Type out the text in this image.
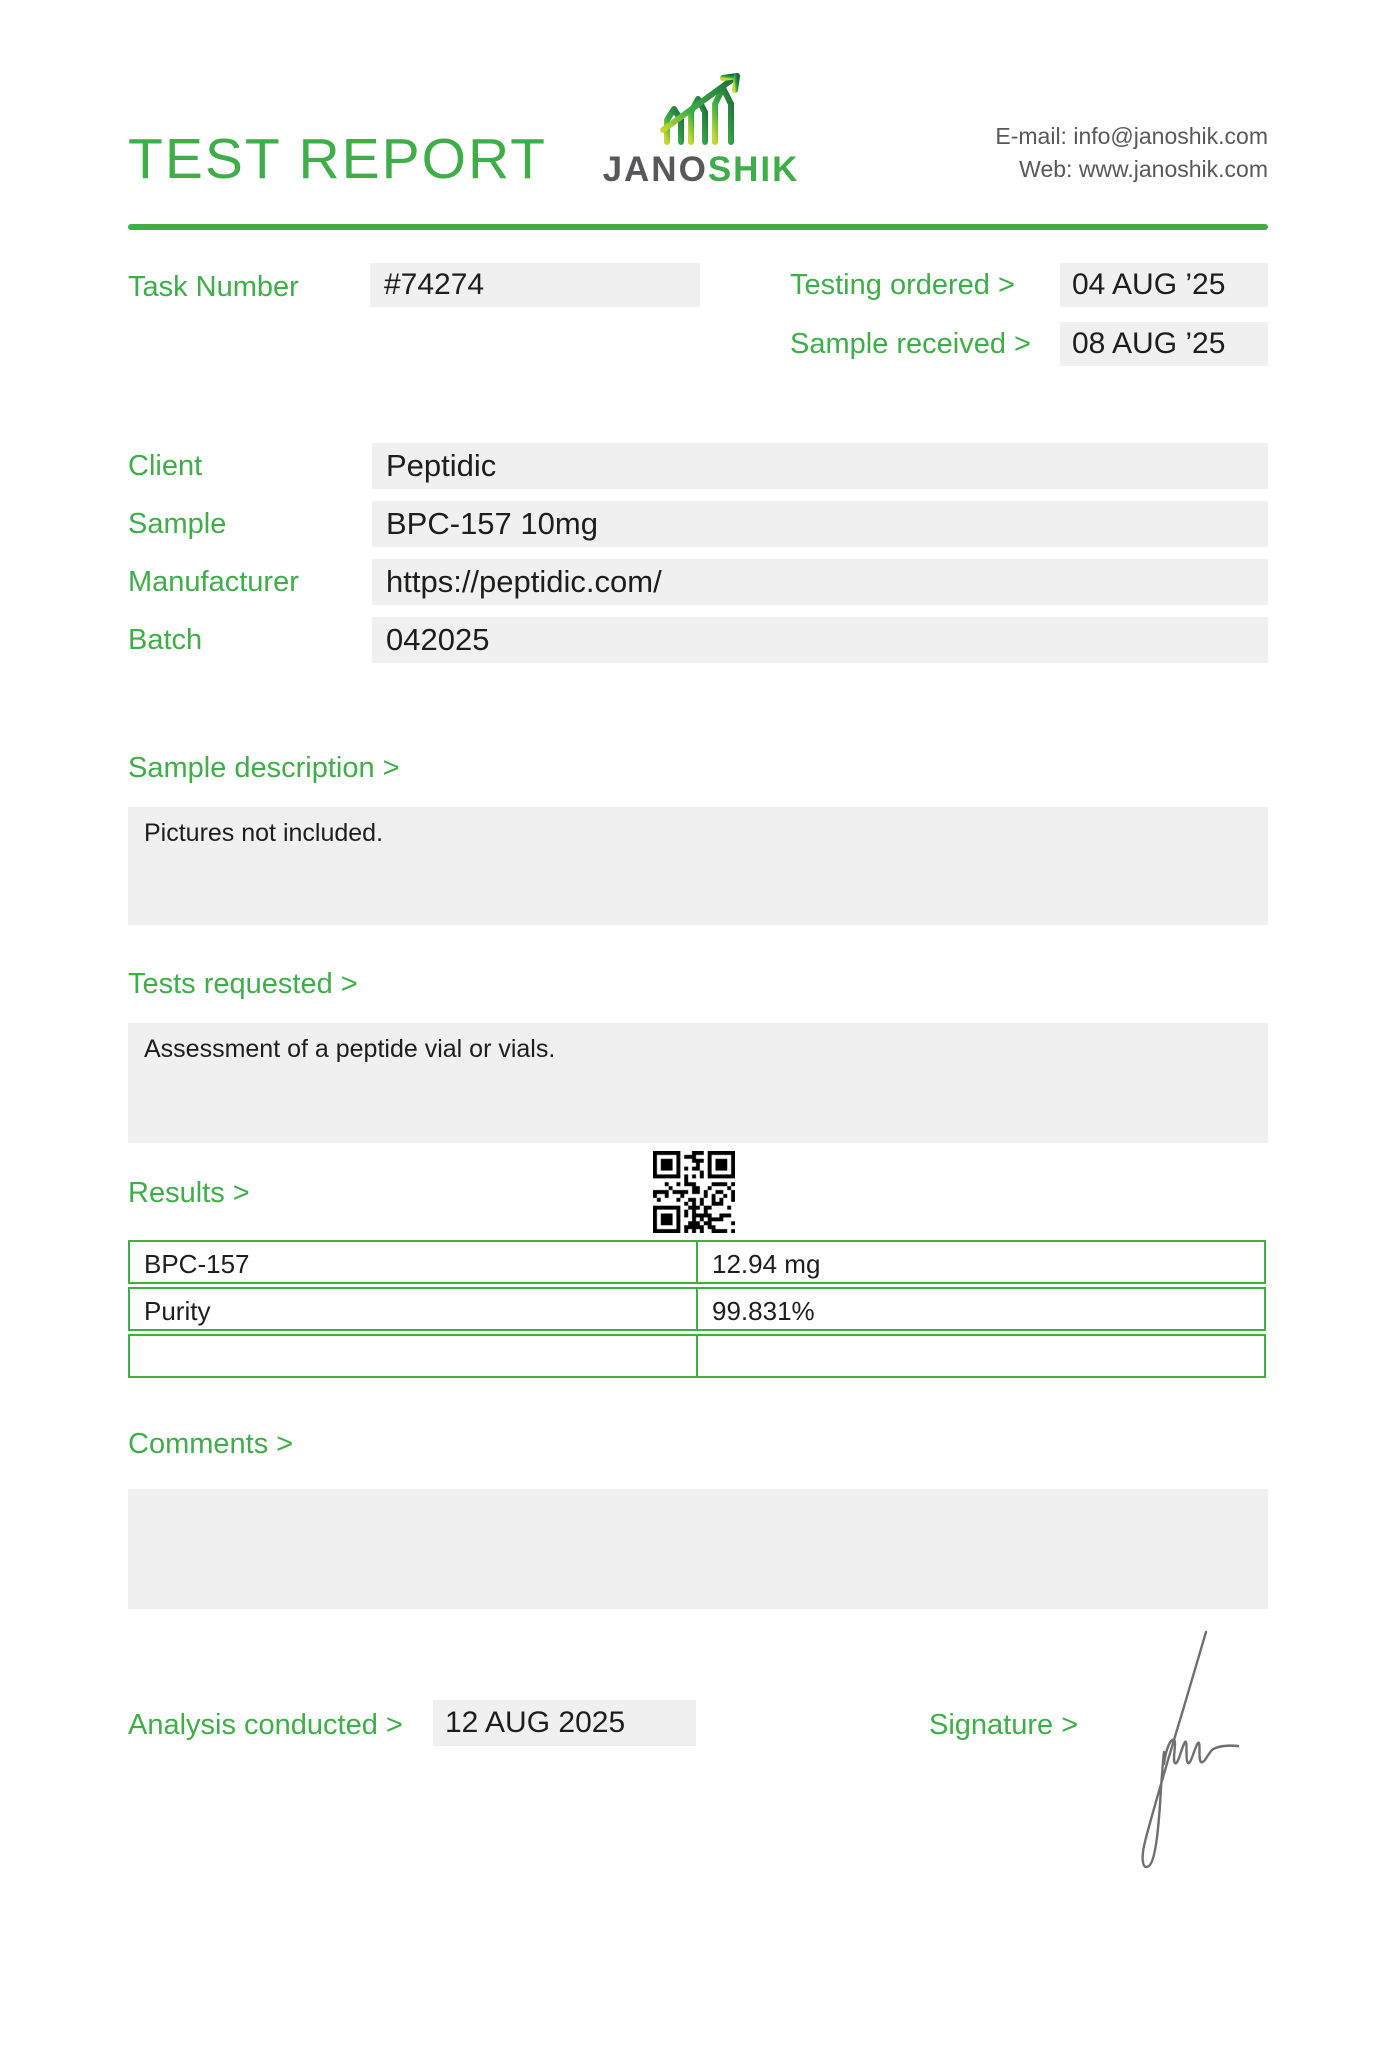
TEST REPORT JANOSHIK
E-mail: info@janoshik.com
Web: www.janoshik.com
Task Number	#74274	Testing ordered >	04 AUG ’25
Sample received >	08 AUG ’25
Client	Peptidic
Sample	BPC-157 10mg
Manufacturer	https://peptidic.com/
Batch	042025
Sample description >
Pictures not included.
Tests requested >
Assessment of a peptide vial or vials.
Results >
BPC-157	12.94 mg
Purity	99.831%
Comments >
Analysis conducted >	12 AUG 2025	Signature >
